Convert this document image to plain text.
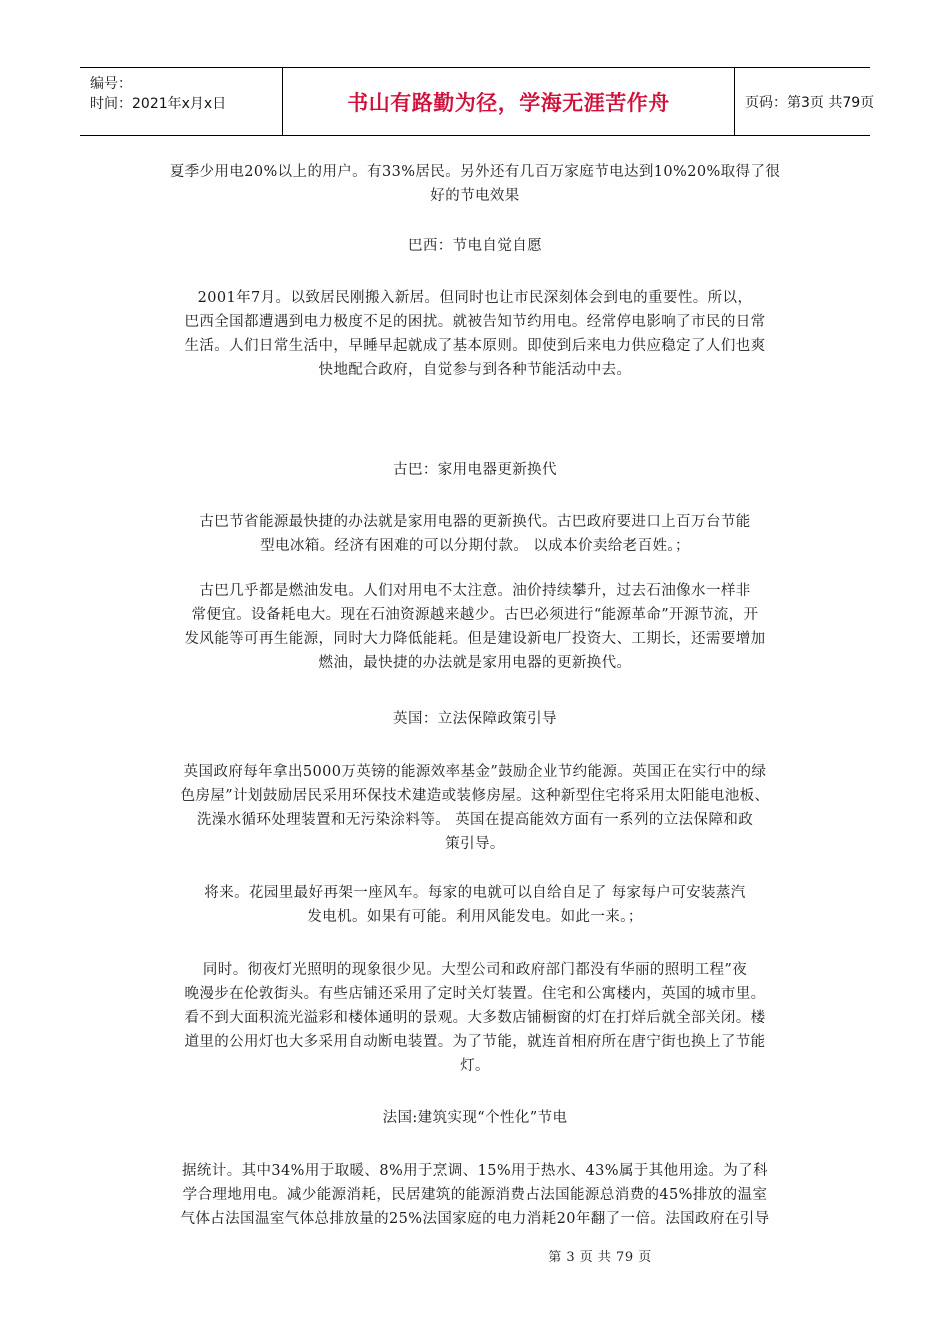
编号：
时间：2021年x月x日	书山有路勤为径，学海无涯苦作舟	页码：第3页 共79页
夏季少用电20%以上的用户。有33%居民。另外还有几百万家庭节电达到10%20%取得了很
好的节电效果
巴西：节电自觉自愿
2001年7月。以致居民刚搬入新居。但同时也让市民深刻体会到电的重要性。所以，
巴西全国都遭遇到电力极度不足的困扰。就被告知节约用电。经常停电影响了市民的日常
生活。人们日常生活中，早睡早起就成了基本原则。即使到后来电力供应稳定了人们也爽
快地配合政府，自觉参与到各种节能活动中去。
古巴：家用电器更新换代
古巴节省能源最快捷的办法就是家用电器的更新换代。古巴政府要进口上百万台节能
型电冰箱。经济有困难的可以分期付款。 以成本价卖给老百姓。；
古巴几乎都是燃油发电。人们对用电不太注意。油价持续攀升，过去石油像水一样非
常便宜。设备耗电大。现在石油资源越来越少。古巴必须进行“能源革命”开源节流，开
发风能等可再生能源，同时大力降低能耗。但是建设新电厂投资大、工期长，还需要增加
燃油，最快捷的办法就是家用电器的更新换代。
英国：立法保障政策引导
英国政府每年拿出5000万英镑的能源效率基金”鼓励企业节约能源。英国正在实行中的绿
色房屋”计划鼓励居民采用环保技术建造或装修房屋。这种新型住宅将采用太阳能电池板、
洗澡水循环处理装置和无污染涂料等。 英国在提高能效方面有一系列的立法保障和政
策引导。
将来。花园里最好再架一座风车。每家的电就可以自给自足了 每家每户可安装蒸汽
发电机。如果有可能。利用风能发电。如此一来。；
同时。彻夜灯光照明的现象很少见。大型公司和政府部门都没有华丽的照明工程”夜
晚漫步在伦敦街头。有些店铺还采用了定时关灯装置。住宅和公寓楼内，英国的城市里。
看不到大面积流光溢彩和楼体通明的景观。大多数店铺橱窗的灯在打烊后就全部关闭。楼
道里的公用灯也大多采用自动断电装置。为了节能，就连首相府所在唐宁街也换上了节能
灯。
法国:建筑实现“个性化”节电
据统计。其中34%用于取暖、8%用于烹调、15%用于热水、43%属于其他用途。为了科
学合理地用电。减少能源消耗，民居建筑的能源消费占法国能源总消费的45%排放的温室
气体占法国温室气体总排放量的25%法国家庭的电力消耗20年翻了一倍。法国政府在引导
第 3 页 共 79 页
